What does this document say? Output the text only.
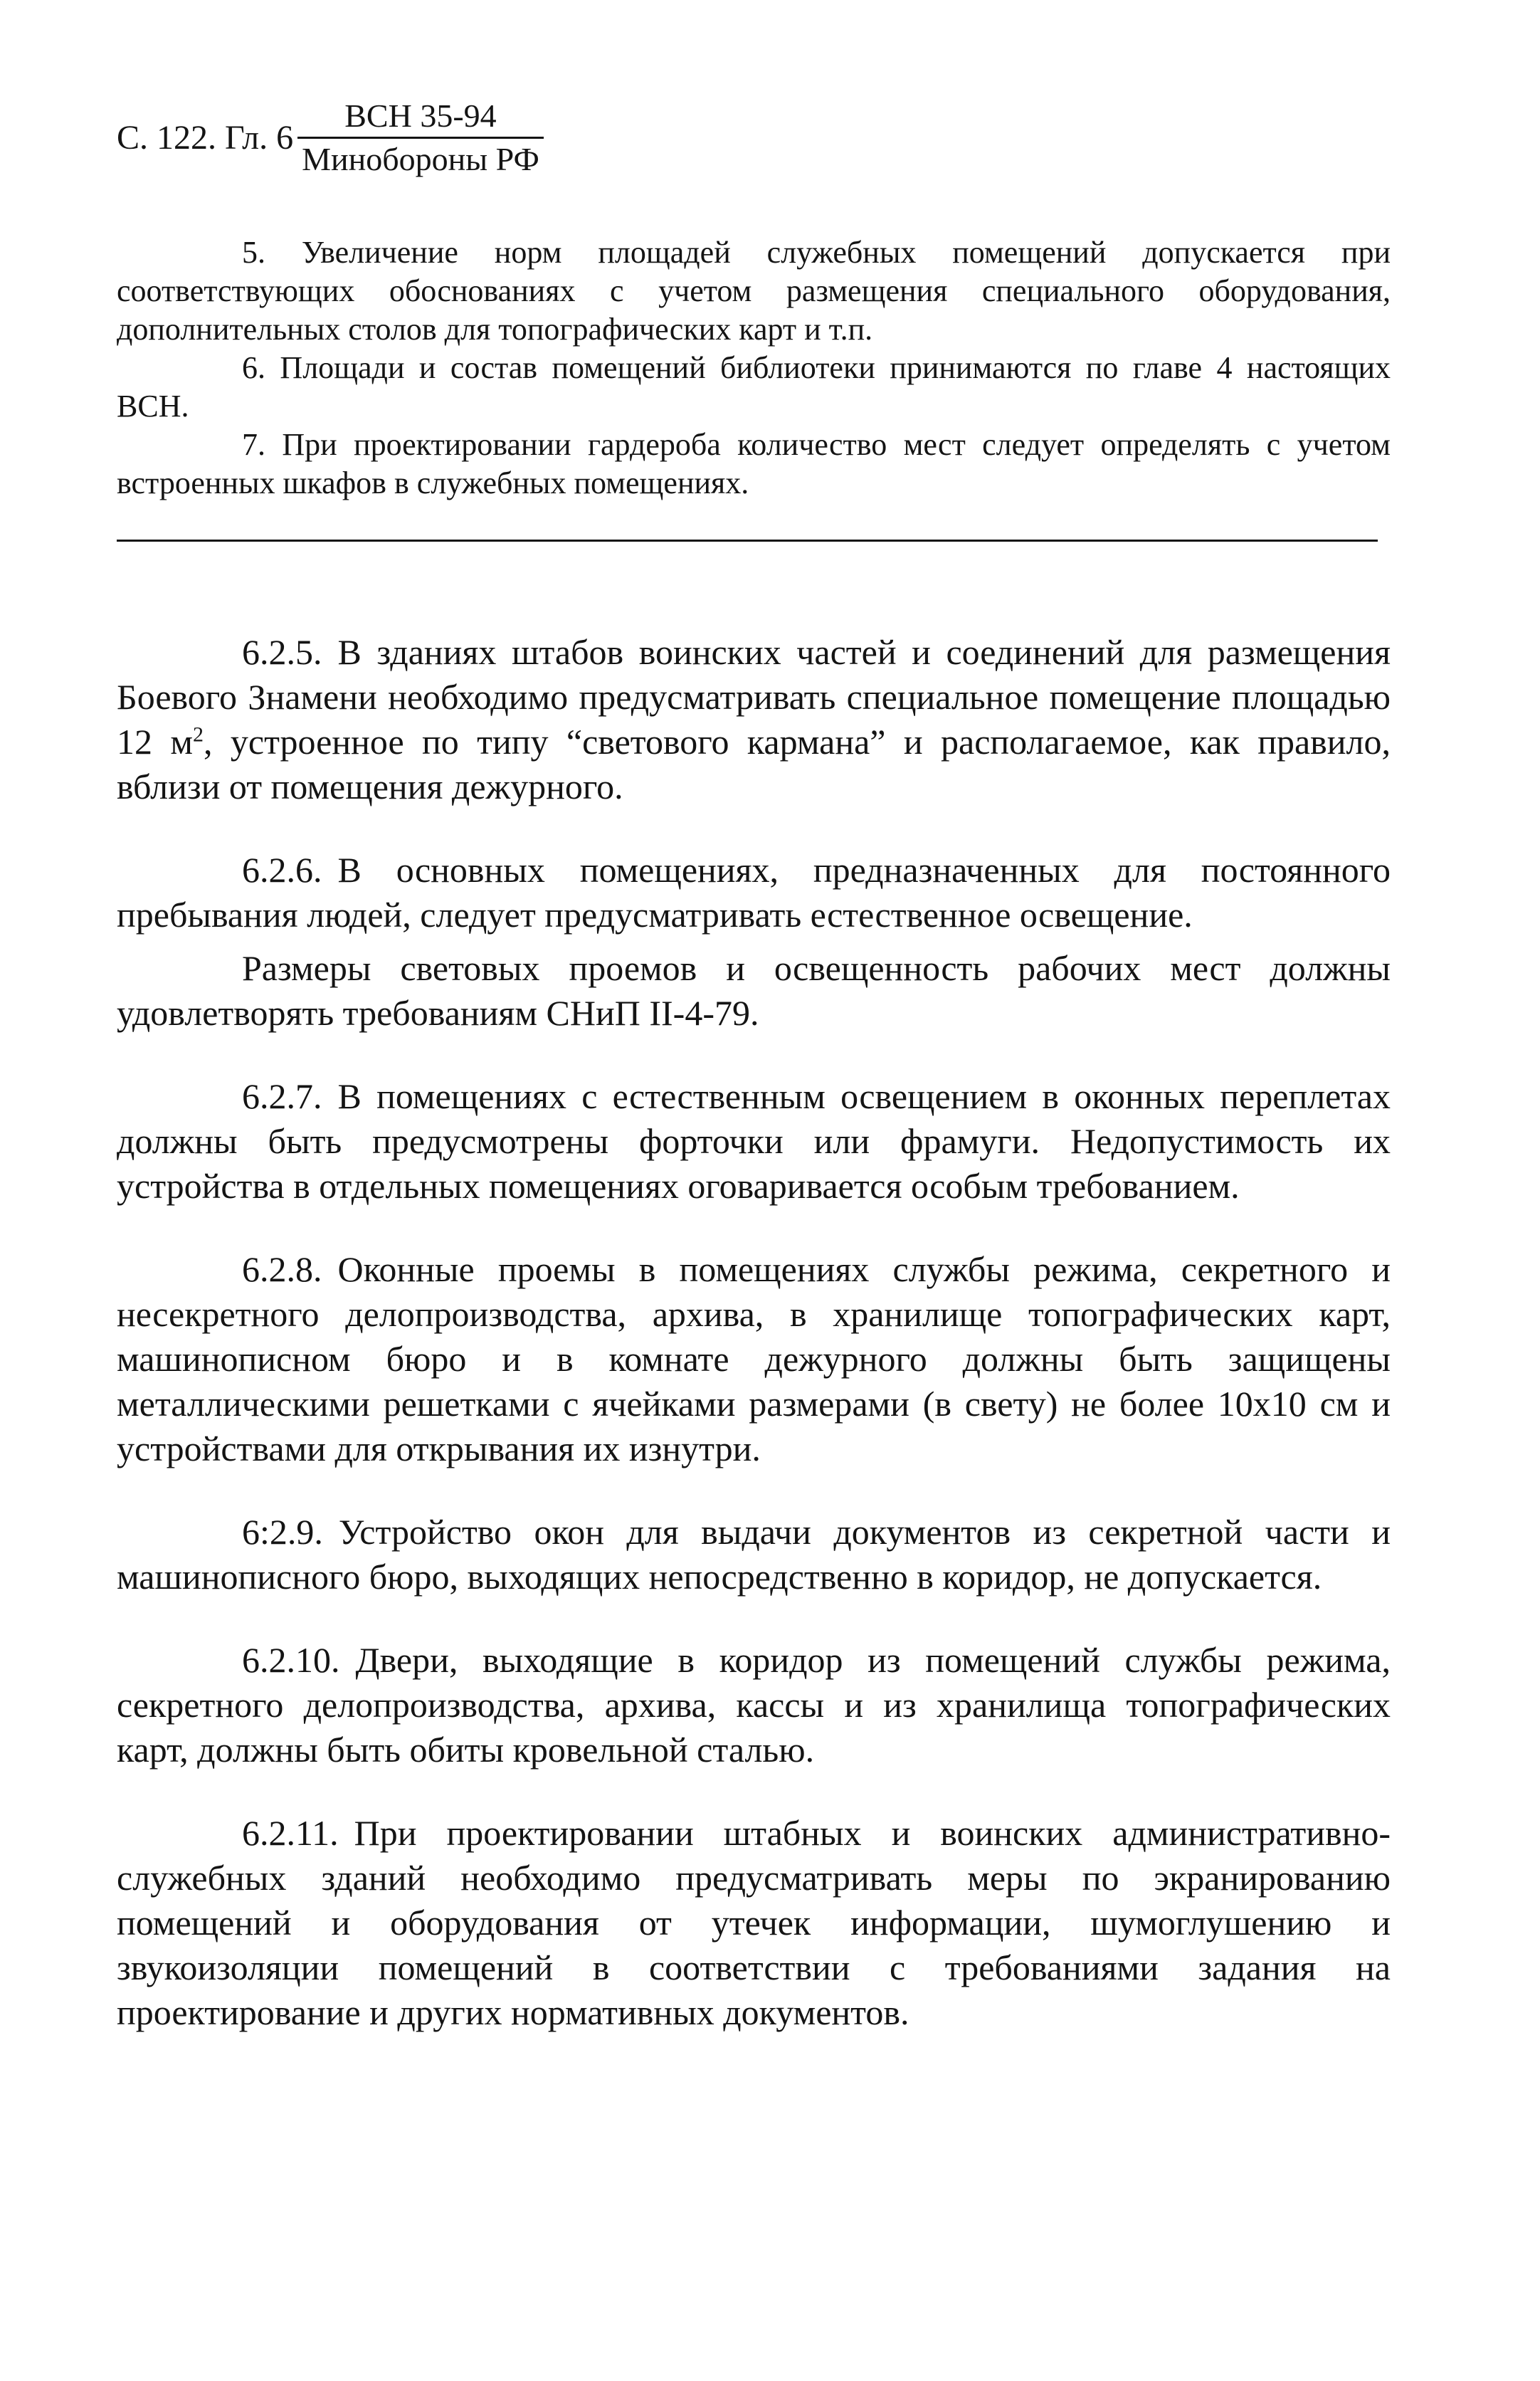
С. 122. Гл. $6 \frac{\text{ВСН 35-94}}{\text{Минобороны РФ}}$

5. Увеличение норм площадей служебных помещений допускается при соответствующих обоснованиях с учетом размещения специального оборудования, дополнительных столов для топографических карт и т.п.

6. Площади и состав помещений библиотеки принимаются по главе 4 настоящих ВСН.

7. При проектировании гардероба количество мест следует определять с учетом встроенных шкафов в служебных помещениях.

6.2.5. В зданиях штабов воинских частей и соединений для размещения Боевого Знамени необходимо предусматривать специальное помещение площадью 12 $м^2$, устроенное по типу “светового кармана” и располагаемое, как правило, вблизи от помещения дежурного.

6.2.6. В основных помещениях, предназначенных для постоянного пребывания людей, следует предусматривать естественное освещение.

Размеры световых проемов и освещенность рабочих мест должны удовлетворять требованиям СНиП II-4-79.

6.2.7. В помещениях с естественным освещением в оконных переплетах должны быть предусмотрены форточки или фрамуги. Недопустимость их устройства в отдельных помещениях оговаривается особым требованием.

6.2.8. Оконные проемы в помещениях службы режима, секретного и несекретного делопроизводства, архива, в хранилище топографических карт, машинописном бюро и в комнате дежурного должны быть защищены металлическими решетками с ячейками размерами (в свету) не более 10х10 см и устройствами для открывания их изнутри.

6:2.9. Устройство окон для выдачи документов из секретной части и машинописного бюро, выходящих непосредственно в коридор, не допускается.

6.2.10. Двери, выходящие в коридор из помещений службы режима, секретного делопроизводства, архива, кассы и из хранилища топографических карт, должны быть обиты кровельной сталью.

6.2.11. При проектировании штабных и воинских административно-служебных зданий необходимо предусматривать меры по экранированию помещений и оборудования от утечек информации, шумоглушению и звукоизоляции помещений в соответствии с требованиями задания на проектирование и других нормативных документов.
